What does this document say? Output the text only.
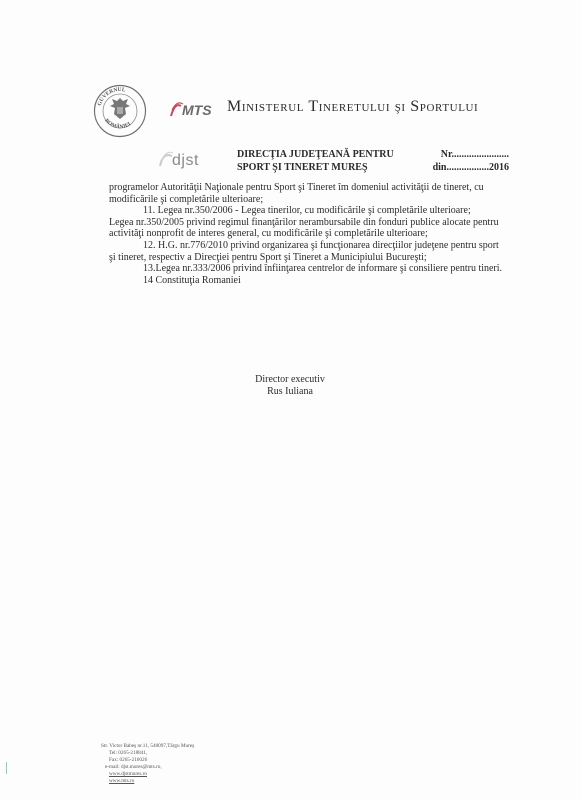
GUVERNUL
ROMÂNIEI
MTS Ministerul Tineretului şi Sportului
djst	DIRECŢIA JUDEŢEANĂ PENTRU
SPORT ŞI TINERET MUREŞ
Nr.......................
din.................2016

programelor Autorităţii Naţionale pentru Sport şi Tineret îm domeniul activităţii de tineret, cu modificările şi completările ulterioare;

11. Legea nr.350/2006 - Legea tinerilor, cu modificările şi completările ulterioare;

Legea nr.350/2005 privind regimul finanţărilor nerambursabile din fonduri publice alocate pentru activităţi nonprofit de interes general, cu modificările şi completările ulterioare;

12. H.G. nr.776/2010 privind organizarea şi funcţionarea direcţiilor judeţene pentru sport şi tineret, respectiv a Direcţiei pentru Sport şi Tineret a Municipiului Bucureşti;

13.Legea nr.333/2006 privind înfiinţarea centrelor de informare şi consiliere pentru tineri.

14 Constituţia Romaniei

Director executiv
Rus Iuliana
Str. Victor Babeş nr.11, 540097,Târgu Mureş
Tel: 0265-218841,
Fax: 0265-216026
e-mail: djst.mures@mts.ro,
www.djstmures.ro
www.mts.ro
